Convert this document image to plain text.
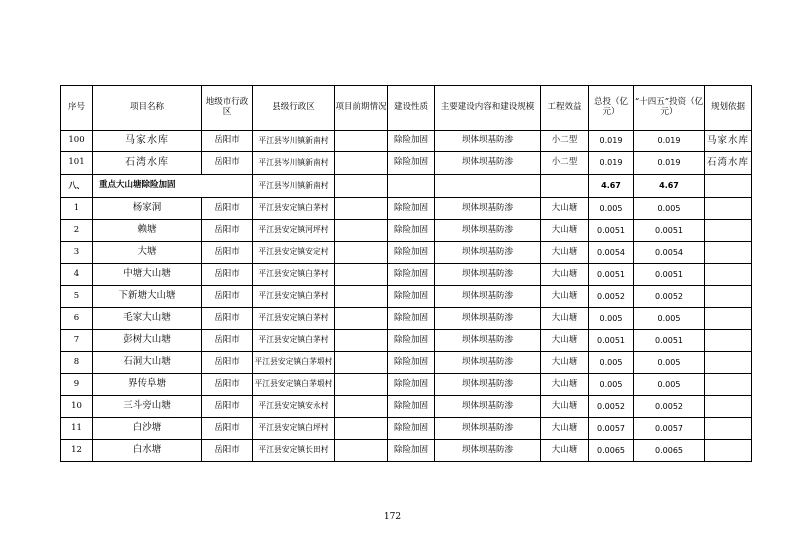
序号	项目名称	地级市行政区	县级行政区	项目前期情况	建设性质	主要建设内容和建设规模	工程效益	总投（亿元）	“十四五”投资（亿元）	规划依据
100	马家水库	岳阳市	平江县岑川镇新南村		除险加固	坝体坝基防渗	小二型	0.019	0.019	马家水库
101	石湾水库	岳阳市	平江县岑川镇新南村		除险加固	坝体坝基防渗	小二型	0.019	0.019	石湾水库
八、	重点大山塘除险加固		平江县岑川镇新南村					4.67	4.67	
1	杨家洞	岳阳市	平江县安定镇白茅村		除险加固	坝体坝基防渗	大山塘	0.005	0.005	
2	赖塘	岳阳市	平江县安定镇河坪村		除险加固	坝体坝基防渗	大山塘	0.0051	0.0051	
3	大塘	岳阳市	平江县安定镇安定村		除险加固	坝体坝基防渗	大山塘	0.0054	0.0054	
4	中塘大山塘	岳阳市	平江县安定镇白茅村		除险加固	坝体坝基防渗	大山塘	0.0051	0.0051	
5	下新塘大山塘	岳阳市	平江县安定镇白茅村		除险加固	坝体坝基防渗	大山塘	0.0052	0.0052	
6	毛家大山塘	岳阳市	平江县安定镇白茅村		除险加固	坝体坝基防渗	大山塘	0.005	0.005	
7	彭树大山塘	岳阳市	平江县安定镇白茅村		除险加固	坝体坝基防渗	大山塘	0.0051	0.0051	
8	石洞大山塘	岳阳市	平江县安定镇白茅塅村		除险加固	坝体坝基防渗	大山塘	0.005	0.005	
9	界传阜塘	岳阳市	平江县安定镇白茅塅村		除险加固	坝体坝基防渗	大山塘	0.005	0.005	
10	三斗旁山塘	岳阳市	平江县安定镇安永村		除险加固	坝体坝基防渗	大山塘	0.0052	0.0052	
11	白沙塘	岳阳市	平江县安定镇白坪村		除险加固	坝体坝基防渗	大山塘	0.0057	0.0057	
12	白水塘	岳阳市	平江县安定镇长田村		除险加固	坝体坝基防渗	大山塘	0.0065	0.0065	
172
